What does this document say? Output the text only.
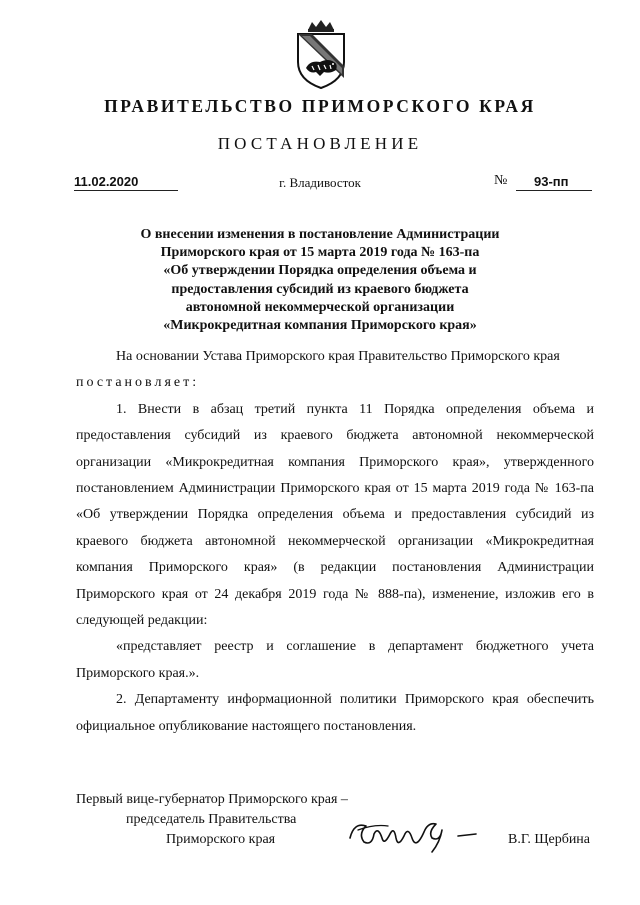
ПРАВИТЕЛЬСТВО ПРИМОРСКОГО КРАЯ
ПОСТАНОВЛЕНИЕ
11.02.2020	г. Владивосток	№	93-пп
О внесении изменения в постановление Администрации
Приморского края от 15 марта 2019 года № 163-па
«Об утверждении Порядка определения объема и
предоставления субсидий из краевого бюджета
автономной некоммерческой организации
«Микрокредитная компания Приморского края»
На основании Устава Приморского края Правительство Приморского края
постановляет:
1. Внести в абзац третий пункта 11 Порядка определения объема и предоставления субсидий из краевого бюджета автономной некоммерческой организации «Микрокредитная компания Приморского края», утвержденного постановлением Администрации Приморского края от 15 марта 2019 года № 163-па «Об утверждении Порядка определения объема и предоставления субсидий из краевого бюджета автономной некоммерческой организации «Микрокредитная компания Приморского края» (в редакции постановления Администрации Приморского края от 24 декабря 2019 года № 888-па), изменение, изложив его в следующей редакции:
«представляет реестр и соглашение в департамент бюджетного учета Приморского края.».
2. Департаменту информационной политики Приморского края обеспечить официальное опубликование настоящего постановления.
Первый вице-губернатор Приморского края –
председатель Правительства
Приморского края	В.Г. Щербина
